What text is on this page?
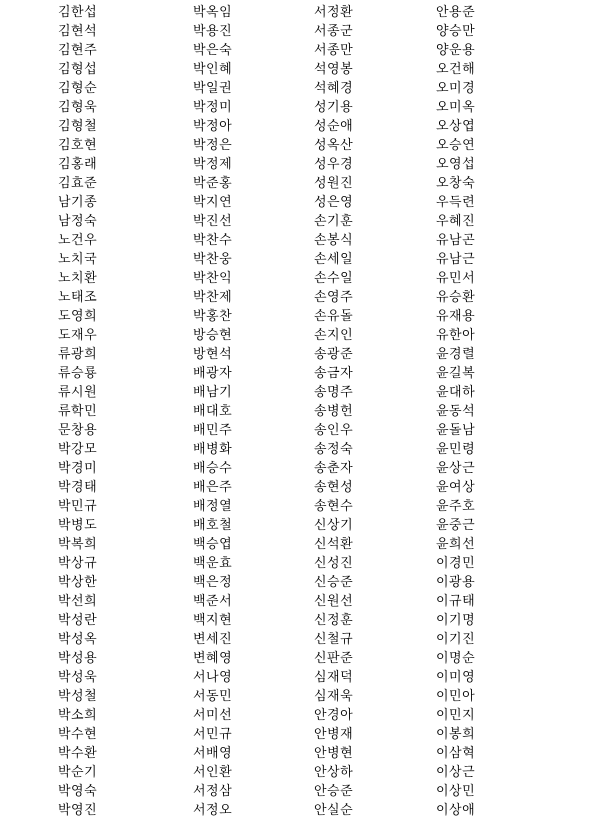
김한섭
김현석
김현주
김형섭
김형순
김형욱
김형철
김호현
김홍래
김효준
남기종
남정숙
노건우
노치국
노치환
노태조
도영희
도재우
류광희
류승룡
류시원
류학민
문창용
박강모
박경미
박경태
박민규
박병도
박복희
박상규
박상한
박선희
박성란
박성옥
박성용
박성욱
박성철
박소희
박수현
박수환
박순기
박영숙
박영진
박옥임
박용진
박은숙
박인혜
박일권
박정미
박정아
박정은
박정제
박준홍
박지연
박진선
박찬수
박찬웅
박찬익
박찬제
박홍찬
방승현
방현석
배광자
배남기
배대호
배민주
배병화
배승수
배은주
배정열
배호철
백승엽
백운효
백은정
백준서
백지현
변세진
변혜영
서나영
서동민
서미선
서민규
서배영
서인환
서정삼
서정오
서정환
서종군
서종만
석영봉
석혜경
성기용
성순애
성옥산
성우경
성원진
성은영
손기훈
손봉식
손세일
손수일
손영주
손유돌
손지인
송광준
송금자
송명주
송병헌
송인우
송정숙
송춘자
송현성
송현수
신상기
신석환
신성진
신승준
신원선
신정훈
신철규
신판준
심재덕
심재욱
안경아
안병재
안병현
안상하
안승준
안실순
안용준
양승만
양운용
오건해
오미경
오미옥
오상엽
오승연
오영섭
오창숙
우득련
우혜진
유남곤
유남근
유민서
유승환
유재용
유한아
윤경렬
윤길복
윤대하
윤동석
윤돌남
윤민령
윤상근
윤여상
윤주호
윤중근
윤희선
이경민
이광용
이규태
이기명
이기진
이명순
이미영
이민아
이민지
이봉희
이삼혁
이상근
이상민
이상애
